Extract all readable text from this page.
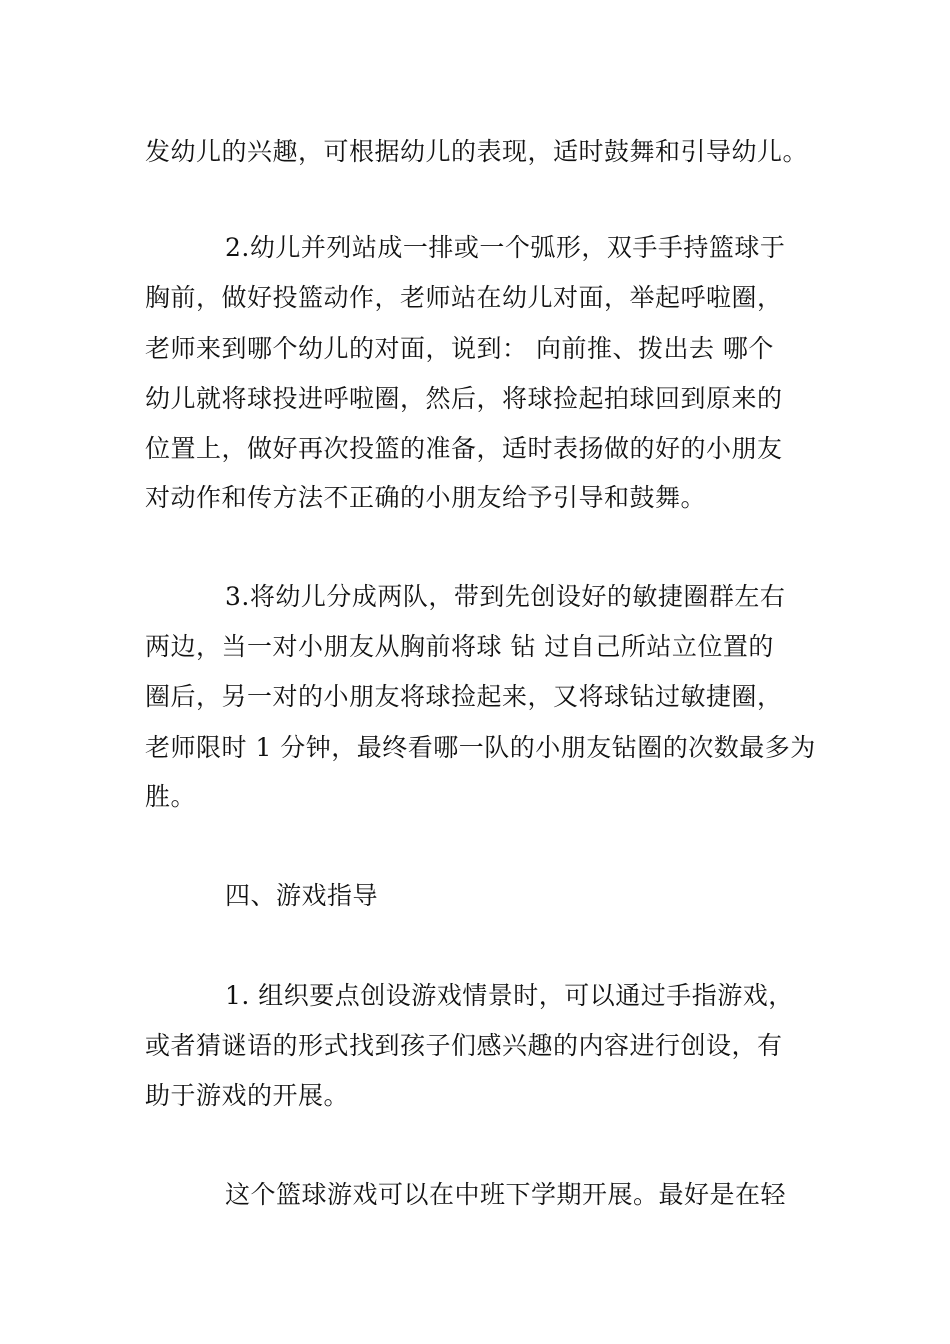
发幼儿的兴趣，可根据幼儿的表现，适时鼓舞和引导幼儿。
2.幼儿并列站成一排或一个弧形，双手手持篮球于
胸前，做好投篮动作，老师站在幼儿对面，举起呼啦圈，
老师来到哪个幼儿的对面，说到： 向前推、拨出去 哪个
幼儿就将球投进呼啦圈，然后，将球捡起拍球回到原来的
位置上，做好再次投篮的准备，适时表扬做的好的小朋友
对动作和传方法不正确的小朋友给予引导和鼓舞。
3.将幼儿分成两队，带到先创设好的敏捷圈群左右
两边，当一对小朋友从胸前将球 钻 过自己所站立位置的
圈后，另一对的小朋友将球捡起来，又将球钻过敏捷圈，
老师限时 1 分钟，最终看哪一队的小朋友钻圈的次数最多为
胜。
四、游戏指导
1. 组织要点创设游戏情景时，可以通过手指游戏，
或者猜谜语的形式找到孩子们感兴趣的内容进行创设，有
助于游戏的开展。
这个篮球游戏可以在中班下学期开展。最好是在轻
